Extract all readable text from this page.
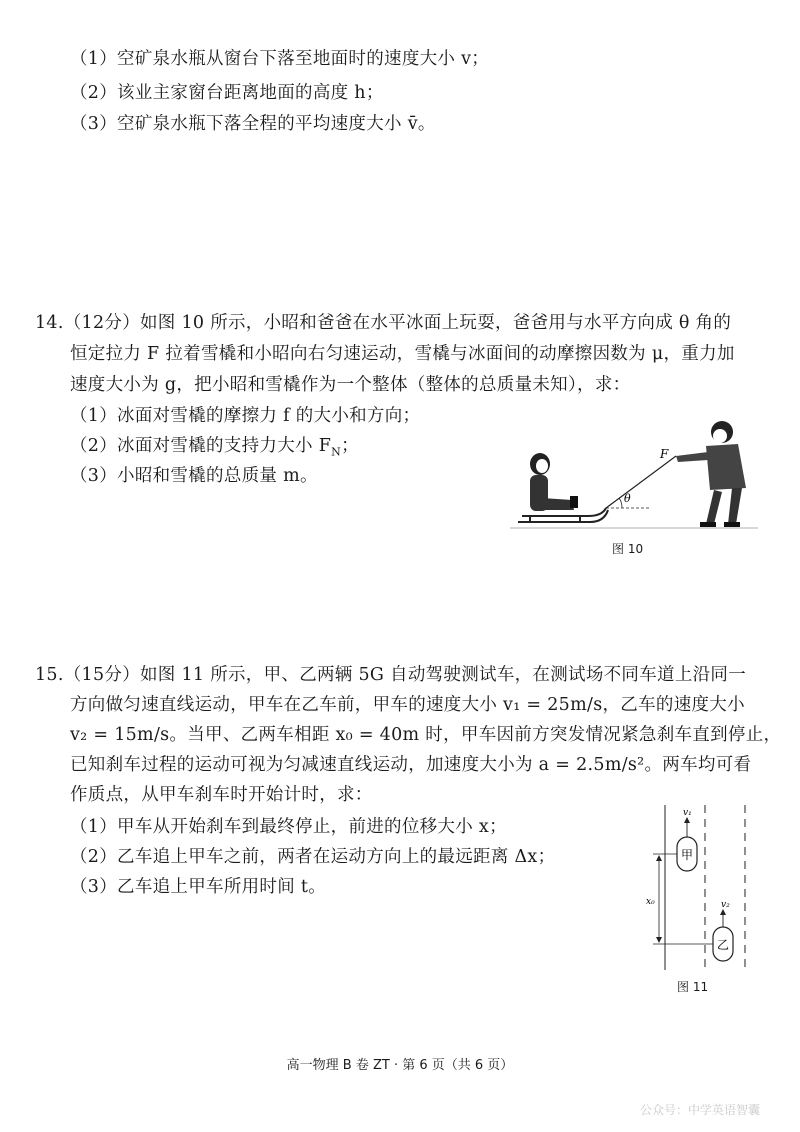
（1）空矿泉水瓶从窗台下落至地面时的速度大小 v；
（2）该业主家窗台距离地面的高度 h；
（3）空矿泉水瓶下落全程的平均速度大小 v̄。
14.（12分）如图 10 所示，小昭和爸爸在水平冰面上玩耍，爸爸用与水平方向成 θ 角的
恒定拉力 F 拉着雪橇和小昭向右匀速运动，雪橇与冰面间的动摩擦因数为 μ，重力加
速度大小为 g，把小昭和雪橇作为一个整体（整体的总质量未知），求：
（1）冰面对雪橇的摩擦力 f 的大小和方向；
（2）冰面对雪橇的支持力大小 $F_N$；
（3）小昭和雪橇的总质量 m。
F
θ
图 10
15.（15分）如图 11 所示，甲、乙两辆 5G 自动驾驶测试车，在测试场不同车道上沿同一
方向做匀速直线运动，甲车在乙车前，甲车的速度大小 v₁ = 25m/s，乙车的速度大小
v₂ = 15m/s。当甲、乙两车相距 x₀ = 40m 时，甲车因前方突发情况紧急刹车直到停止，
已知刹车过程的运动可视为匀减速直线运动，加速度大小为 a = 2.5m/s²。两车均可看
作质点，从甲车刹车时开始计时，求：
（1）甲车从开始刹车到最终停止，前进的位移大小 x；
（2）乙车追上甲车之前，两者在运动方向上的最远距离 Δx；
（3）乙车追上甲车所用时间 t。
甲
v₁
乙
v₂
x₀
图 11
高一物理 B 卷 ZT · 第 6 页（共 6 页）
公众号：中学英语智囊
